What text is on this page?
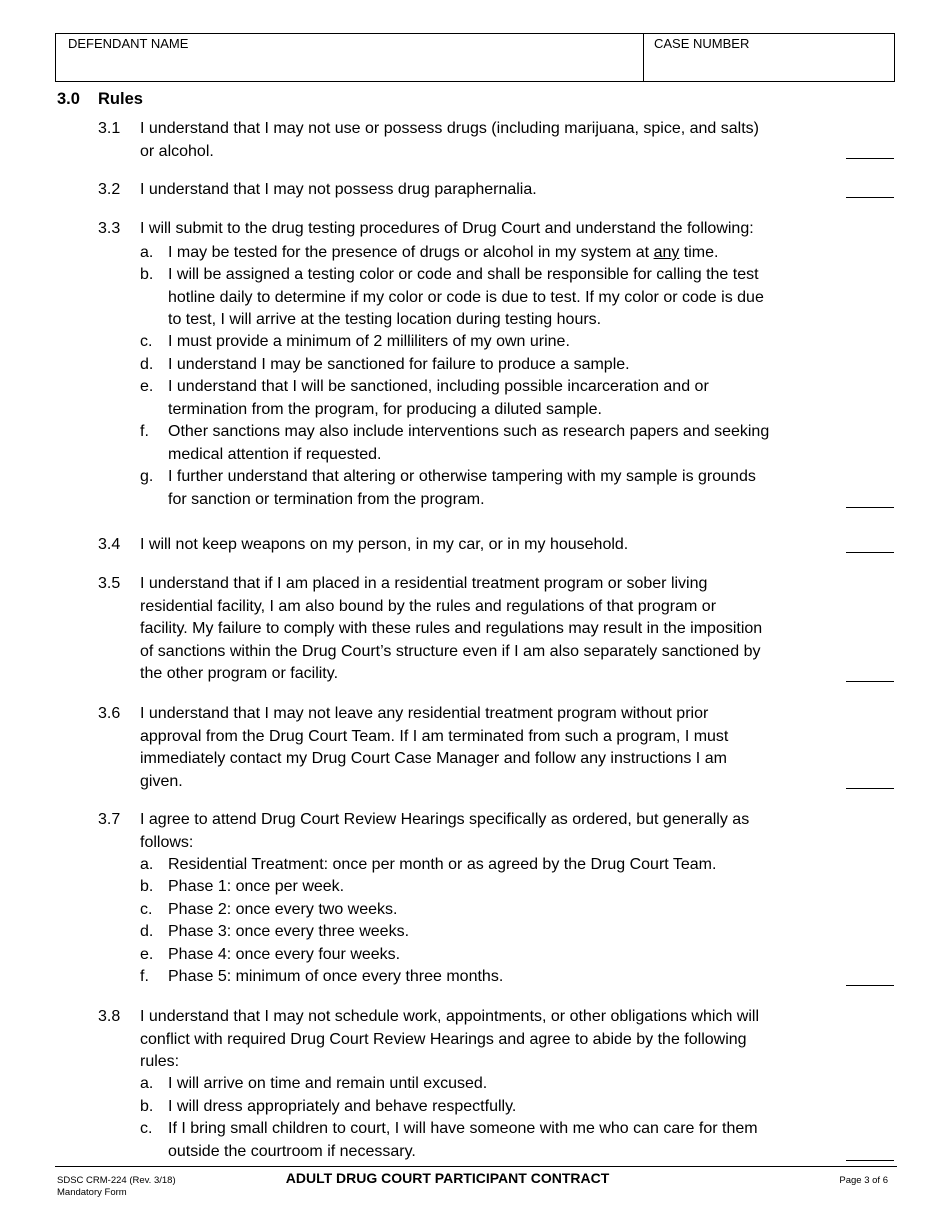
DEFENDANT NAME	CASE NUMBER
3.0 Rules
3.1 I understand that I may not use or possess drugs (including marijuana, spice, and salts)
or alcohol.
3.2 I understand that I may not possess drug paraphernalia.
3.3 I will submit to the drug testing procedures of Drug Court and understand the following:
a. I may be tested for the presence of drugs or alcohol in my system at any time.
b. I will be assigned a testing color or code and shall be responsible for calling the test
hotline daily to determine if my color or code is due to test. If my color or code is due
to test, I will arrive at the testing location during testing hours.
c. I must provide a minimum of 2 milliliters of my own urine.
d. I understand I may be sanctioned for failure to produce a sample.
e. I understand that I will be sanctioned, including possible incarceration and or
termination from the program, for producing a diluted sample.
f. Other sanctions may also include interventions such as research papers and seeking
medical attention if requested.
g. I further understand that altering or otherwise tampering with my sample is grounds
for sanction or termination from the program.
3.4 I will not keep weapons on my person, in my car, or in my household.
3.5 I understand that if I am placed in a residential treatment program or sober living
residential facility, I am also bound by the rules and regulations of that program or
facility. My failure to comply with these rules and regulations may result in the imposition
of sanctions within the Drug Court’s structure even if I am also separately sanctioned by
the other program or facility.
3.6 I understand that I may not leave any residential treatment program without prior
approval from the Drug Court Team. If I am terminated from such a program, I must
immediately contact my Drug Court Case Manager and follow any instructions I am
given.
3.7 I agree to attend Drug Court Review Hearings specifically as ordered, but generally as
follows:
a. Residential Treatment: once per month or as agreed by the Drug Court Team.
b. Phase 1: once per week.
c. Phase 2: once every two weeks.
d. Phase 3: once every three weeks.
e. Phase 4: once every four weeks.
f. Phase 5: minimum of once every three months.
3.8 I understand that I may not schedule work, appointments, or other obligations which will
conflict with required Drug Court Review Hearings and agree to abide by the following
rules:
a. I will arrive on time and remain until excused.
b. I will dress appropriately and behave respectfully.
c. If I bring small children to court, I will have someone with me who can care for them
outside the courtroom if necessary.
SDSC CRM-224 (Rev. 3/18)
Mandatory Form
ADULT DRUG COURT PARTICIPANT CONTRACT	Page 3 of 6
